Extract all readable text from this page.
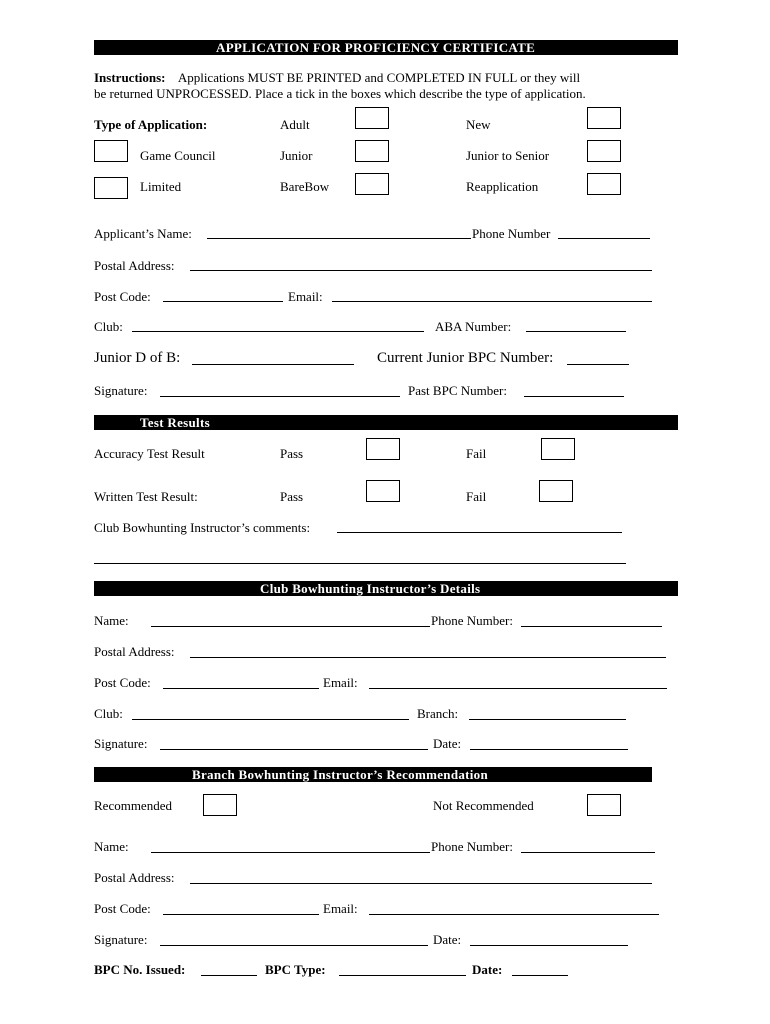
APPLICATION FOR PROFICIENCY CERTIFICATE
Instructions: Applications MUST BE PRINTED and COMPLETED IN FULL or they will
be returned UNPROCESSED. Place a tick in the boxes which describe the type of application.
Type of Application:	Adult	New
Game Council	Junior	Junior to Senior
Limited	BareBow	Reapplication
Applicant’s Name:	Phone Number
Postal Address:
Post Code:	Email:
Club:	ABA Number:
Junior D of B:	Current Junior BPC Number:
Signature:	Past BPC Number:
Test Results
Accuracy Test Result	Pass	Fail
Written Test Result:	Pass	Fail
Club Bowhunting Instructor’s comments:
Club Bowhunting Instructor’s Details
Name:	Phone Number:
Postal Address:
Post Code:	Email:
Club:	Branch:
Signature:	Date:
Branch Bowhunting Instructor’s Recommendation
Recommended	Not Recommended
Name:	Phone Number:
Postal Address:
Post Code:	Email:
Signature:	Date:
BPC No. Issued:	BPC Type:	Date:
